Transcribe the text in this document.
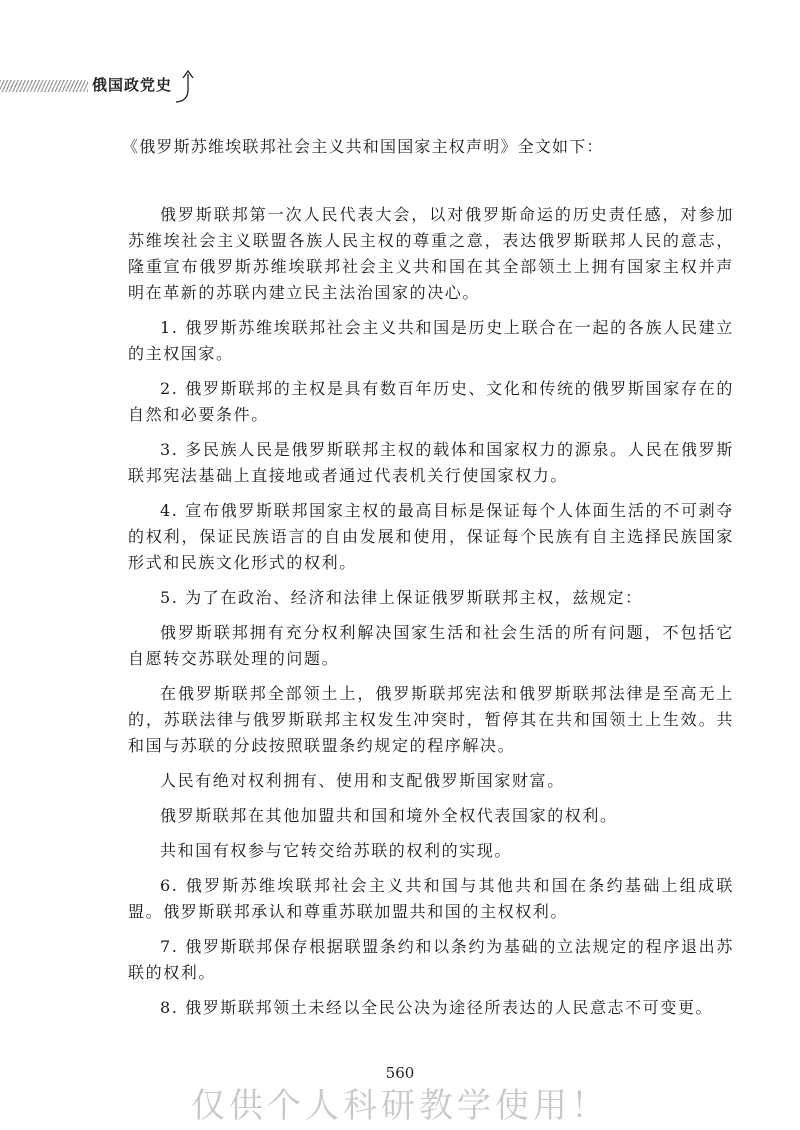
俄国政党史
《俄罗斯苏维埃联邦社会主义共和国国家主权声明》全文如下：

俄罗斯联邦第一次人民代表大会，以对俄罗斯命运的历史责任感，对参加苏维埃社会主义联盟各族人民主权的尊重之意，表达俄罗斯联邦人民的意志，隆重宣布俄罗斯苏维埃联邦社会主义共和国在其全部领土上拥有国家主权并声明在革新的苏联内建立民主法治国家的决心。

1. 俄罗斯苏维埃联邦社会主义共和国是历史上联合在一起的各族人民建立的主权国家。

2. 俄罗斯联邦的主权是具有数百年历史、文化和传统的俄罗斯国家存在的自然和必要条件。

3. 多民族人民是俄罗斯联邦主权的载体和国家权力的源泉。人民在俄罗斯联邦宪法基础上直接地或者通过代表机关行使国家权力。

4. 宣布俄罗斯联邦国家主权的最高目标是保证每个人体面生活的不可剥夺的权利，保证民族语言的自由发展和使用，保证每个民族有自主选择民族国家形式和民族文化形式的权利。

5. 为了在政治、经济和法律上保证俄罗斯联邦主权，兹规定：

俄罗斯联邦拥有充分权利解决国家生活和社会生活的所有问题，不包括它自愿转交苏联处理的问题。

在俄罗斯联邦全部领土上，俄罗斯联邦宪法和俄罗斯联邦法律是至高无上的，苏联法律与俄罗斯联邦主权发生冲突时，暂停其在共和国领土上生效。共和国与苏联的分歧按照联盟条约规定的程序解决。

人民有绝对权利拥有、使用和支配俄罗斯国家财富。

俄罗斯联邦在其他加盟共和国和境外全权代表国家的权利。

共和国有权参与它转交给苏联的权利的实现。

6. 俄罗斯苏维埃联邦社会主义共和国与其他共和国在条约基础上组成联盟。俄罗斯联邦承认和尊重苏联加盟共和国的主权权利。

7. 俄罗斯联邦保存根据联盟条约和以条约为基础的立法规定的程序退出苏联的权利。

8. 俄罗斯联邦领土未经以全民公决为途径所表达的人民意志不可变更。

560
仅供个人科研教学使用！
